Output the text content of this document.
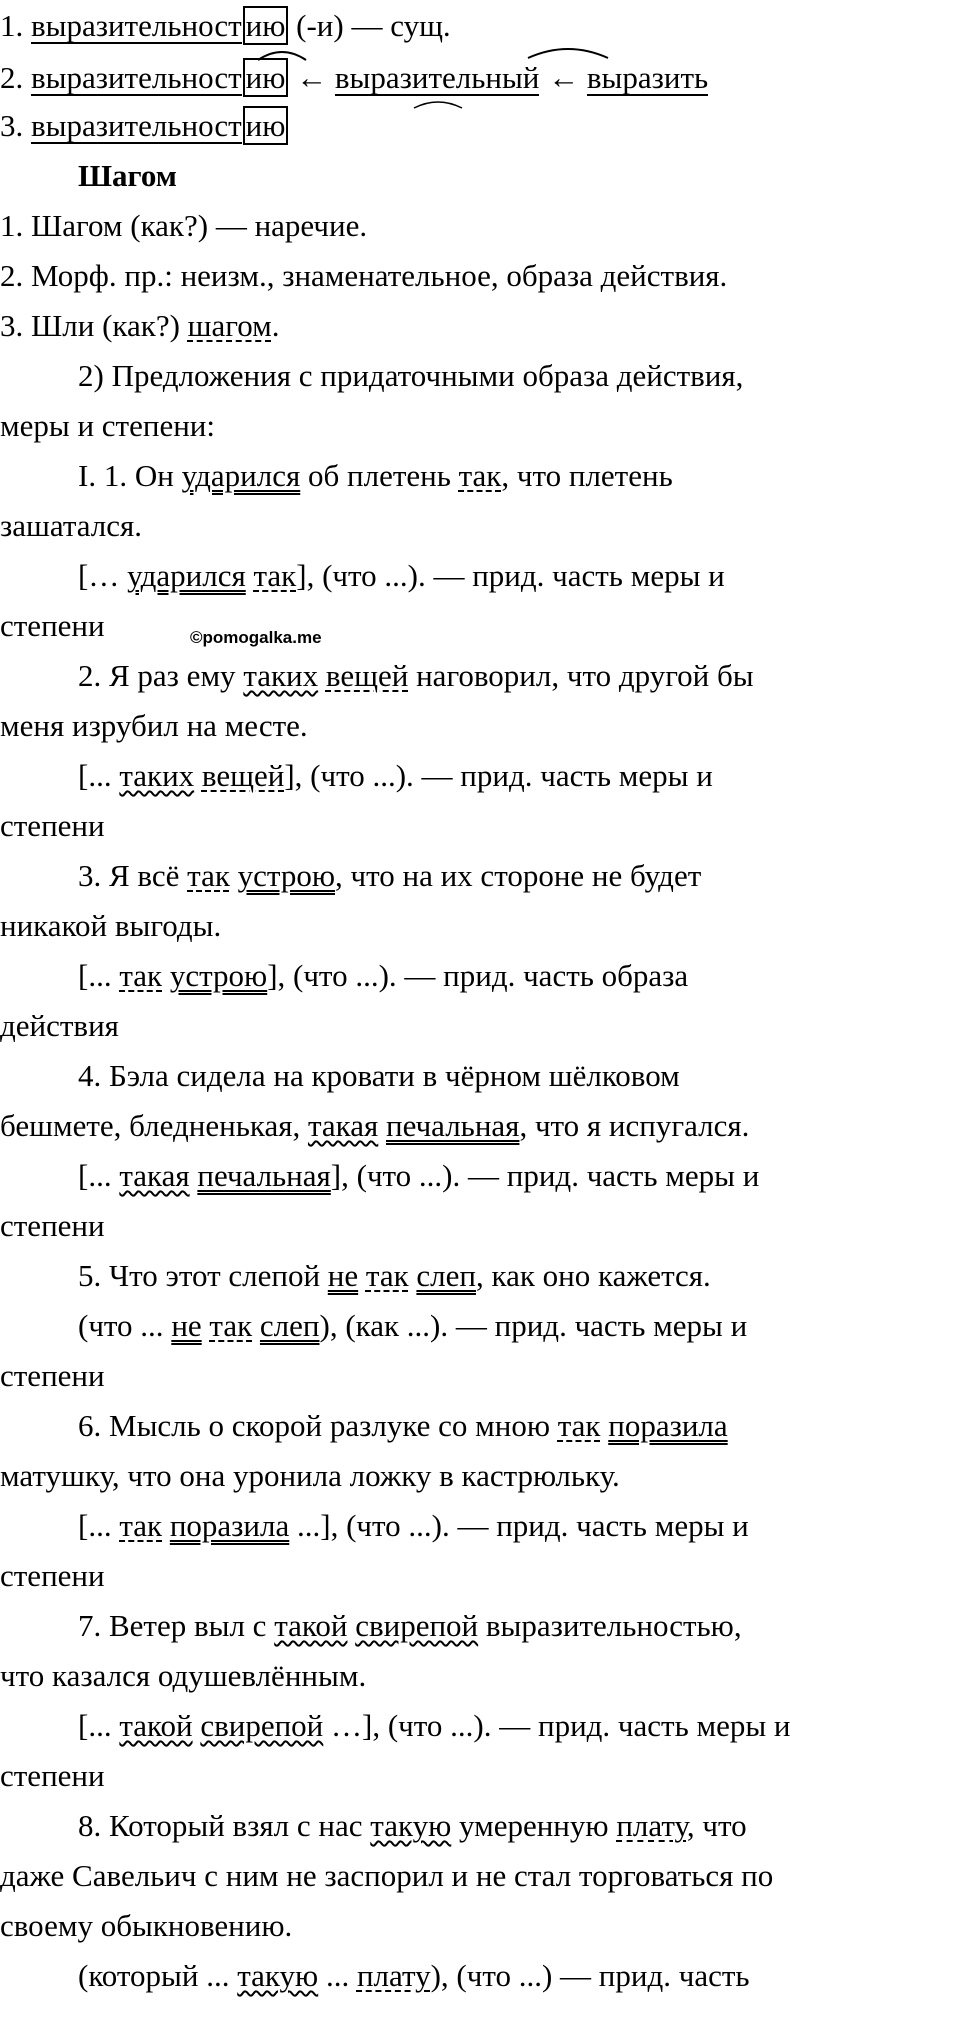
1. выразительност ию (-и) — сущ.
2. выразительност ию ← выразительный ← выразить
3. выразительност ию
Шагом
1. Шагом (как?) — наречие.
2. Морф. пр.: неизм., знаменательное, образа действия.
3. Шли (как?) шагом.
2) Предложения с придаточными образа действия,
меры и степени:
I. 1. Он ударился об плетень так, что плетень
зашатался.
[… ударился так], (что ...). — прид. часть меры и
степени	©pomogalka.me
2. Я раз ему таких вещей наговорил, что другой бы
меня изрубил на месте.
[... таких вещей], (что ...). — прид. часть меры и
степени
3. Я всё так устрою, что на их стороне не будет
никакой выгоды.
[... так устрою], (что ...). — прид. часть образа
действия
4. Бэла сидела на кровати в чёрном шёлковом
бешмете, бледненькая, такая печальная, что я испугался.
[... такая печальная], (что ...). — прид. часть меры и
степени
5. Что этот слепой не так слеп, как оно кажется.
(что ... не так слеп), (как ...). — прид. часть меры и
степени
6. Мысль о скорой разлуке со мною так поразила
матушку, что она уронила ложку в кастрюльку.
[... так поразила ...], (что ...). — прид. часть меры и
степени
7. Ветер выл с такой свирепой выразительностью,
что казался одушевлённым.
[... такой свирепой …], (что ...). — прид. часть меры и
степени
8. Который взял с нас такую умеренную плату, что
даже Савельич с ним не заспорил и не стал торговаться по
своему обыкновению.
(который ... такую ... плату), (что ...) — прид. часть
